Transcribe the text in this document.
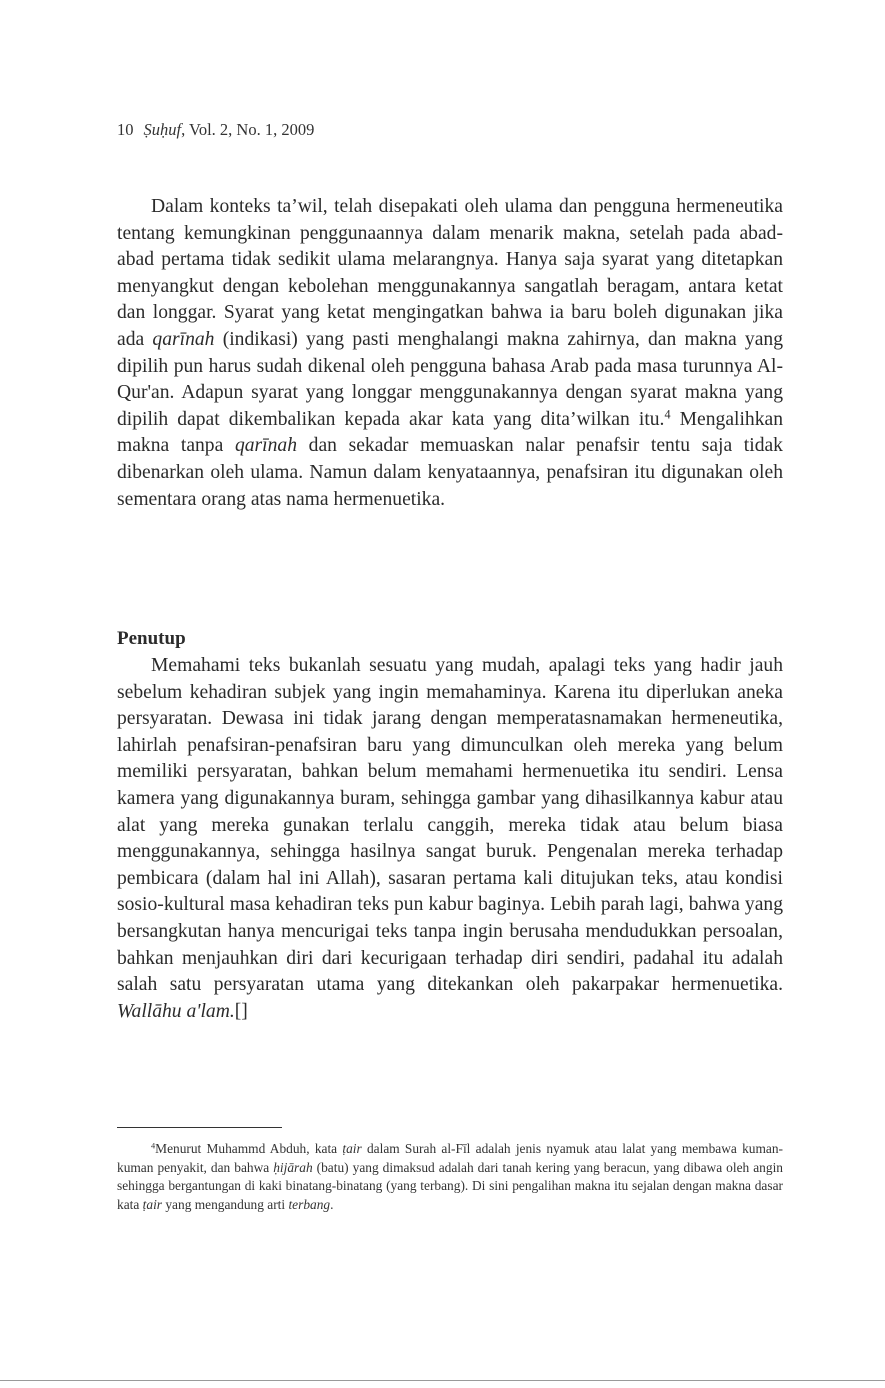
10 Ṣuḥuf, Vol. 2, No. 1, 2009

Dalam konteks ta’wil, telah disepakati oleh ulama dan pengguna hermeneutika tentang kemungkinan penggunaannya dalam menarik makna, setelah pada abad-abad pertama tidak sedikit ulama melarangnya. Hanya saja syarat yang ditetapkan menyangkut dengan kebolehan menggunakannya sangatlah beragam, antara ketat dan longgar. Syarat yang ketat mengingatkan bahwa ia baru boleh digunakan jika ada qarīnah (indikasi) yang pasti menghalangi makna zahirnya, dan makna yang dipilih pun harus sudah dikenal oleh pengguna bahasa Arab pada masa turunnya Al-Qur'an. Adapun syarat yang longgar menggunakannya dengan syarat makna yang dipilih dapat dikembalikan kepada akar kata yang dita’wilkan itu.$^4$ Mengalihkan makna tanpa qarīnah dan sekadar memuaskan nalar penafsir tentu saja tidak dibenarkan oleh ulama. Namun dalam kenyataannya, penafsiran itu digunakan oleh sementara orang atas nama hermenuetika.

Penutup

Memahami teks bukanlah sesuatu yang mudah, apalagi teks yang hadir jauh sebelum kehadiran subjek yang ingin memahaminya. Karena itu diperlukan aneka persyaratan. Dewasa ini tidak jarang dengan memperatasnamakan hermeneutika, lahirlah penafsiran-penafsiran baru yang dimunculkan oleh mereka yang belum memiliki persyaratan, bahkan belum memahami hermenuetika itu sendiri. Lensa kamera yang digunakannya buram, sehingga gambar yang dihasilkannya kabur atau alat yang mereka gunakan terlalu canggih, mereka tidak atau belum biasa menggunakannya, sehingga hasilnya sangat buruk. Pengenalan mereka terhadap pembicara (dalam hal ini Allah), sasaran pertama kali ditujukan teks, atau kondisi sosio-kultural masa kehadiran teks pun kabur baginya. Lebih parah lagi, bahwa yang bersangkutan hanya mencurigai teks tanpa ingin berusaha mendudukkan persoalan, bahkan menjauhkan diri dari kecurigaan terhadap diri sendiri, padahal itu adalah salah satu persyaratan utama yang ditekankan oleh pakarpakar hermenuetika. Wallāhu a'lam.[]

$^4$Menurut Muhammd Abduh, kata ṭair dalam Surah al-Fīl adalah jenis nyamuk atau lalat yang membawa kuman-kuman penyakit, dan bahwa ḥijārah (batu) yang dimaksud adalah dari tanah kering yang beracun, yang dibawa oleh angin sehingga bergantungan di kaki binatang-binatang (yang terbang). Di sini pengalihan makna itu sejalan dengan makna dasar kata ṭair yang mengandung arti terbang.
